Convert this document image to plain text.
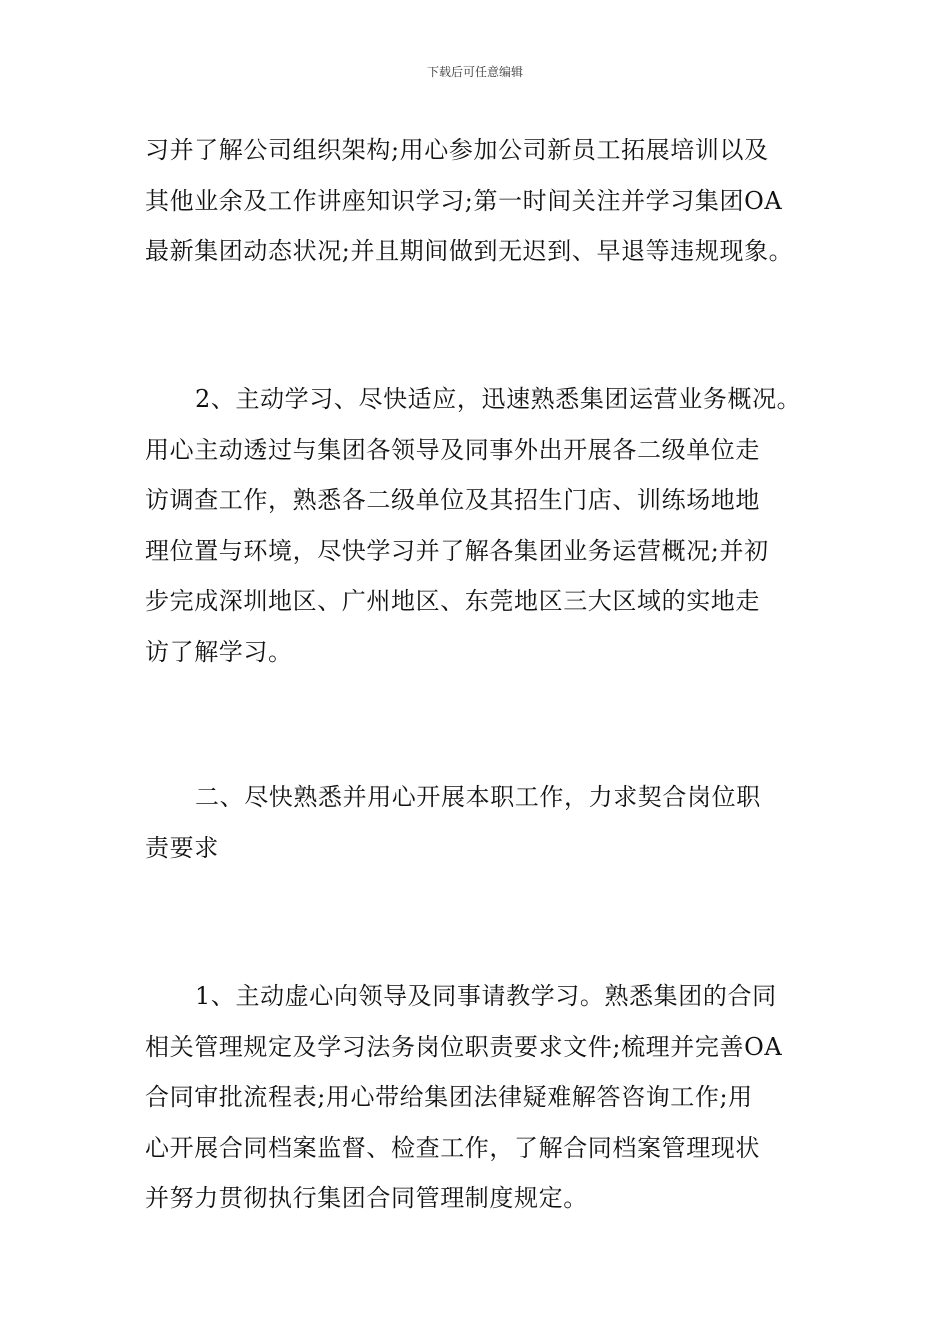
下载后可任意编辑
习并了解公司组织架构;用心参加公司新员工拓展培训以及
其他业余及工作讲座知识学习;第一时间关注并学习集团OA
最新集团动态状况;并且期间做到无迟到、早退等违规现象。
2、主动学习、尽快适应，迅速熟悉集团运营业务概况。
用心主动透过与集团各领导及同事外出开展各二级单位走
访调查工作，熟悉各二级单位及其招生门店、训练场地地
理位置与环境，尽快学习并了解各集团业务运营概况;并初
步完成深圳地区、广州地区、东莞地区三大区域的实地走
访了解学习。
二、尽快熟悉并用心开展本职工作，力求契合岗位职
责要求
1、主动虚心向领导及同事请教学习。熟悉集团的合同
相关管理规定及学习法务岗位职责要求文件;梳理并完善OA
合同审批流程表;用心带给集团法律疑难解答咨询工作;用
心开展合同档案监督、检查工作，了解合同档案管理现状
并努力贯彻执行集团合同管理制度规定。
